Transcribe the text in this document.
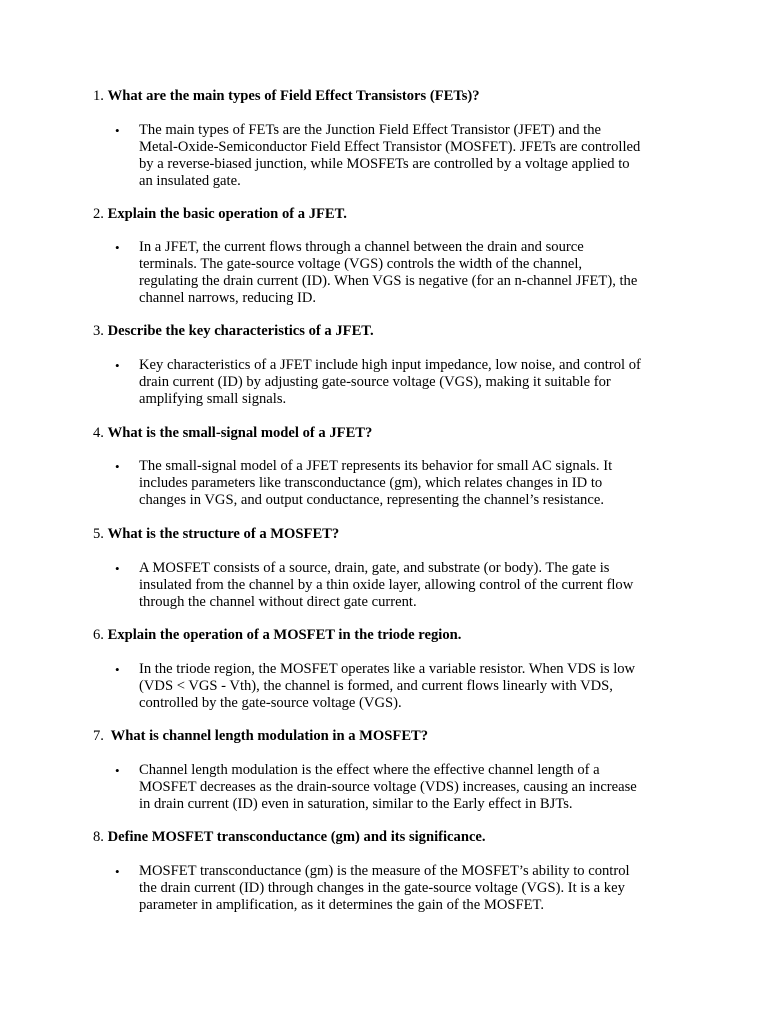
1. What are the main types of Field Effect Transistors (FETs)?
• The main types of FETs are the Junction Field Effect Transistor (JFET) and the
Metal-Oxide-Semiconductor Field Effect Transistor (MOSFET). JFETs are controlled
by a reverse-biased junction, while MOSFETs are controlled by a voltage applied to
an insulated gate.
2. Explain the basic operation of a JFET.
• In a JFET, the current flows through a channel between the drain and source
terminals. The gate-source voltage (VGS) controls the width of the channel,
regulating the drain current (ID). When VGS is negative (for an n-channel JFET), the
channel narrows, reducing ID.
3. Describe the key characteristics of a JFET.
• Key characteristics of a JFET include high input impedance, low noise, and control of
drain current (ID) by adjusting gate-source voltage (VGS), making it suitable for
amplifying small signals.
4. What is the small-signal model of a JFET?
• The small-signal model of a JFET represents its behavior for small AC signals. It
includes parameters like transconductance (gm), which relates changes in ID to
changes in VGS, and output conductance, representing the channel’s resistance.
5. What is the structure of a MOSFET?
• A MOSFET consists of a source, drain, gate, and substrate (or body). The gate is
insulated from the channel by a thin oxide layer, allowing control of the current flow
through the channel without direct gate current.
6. Explain the operation of a MOSFET in the triode region.
• In the triode region, the MOSFET operates like a variable resistor. When VDS is low
(VDS < VGS - Vth), the channel is formed, and current flows linearly with VDS,
controlled by the gate-source voltage (VGS).
7. What is channel length modulation in a MOSFET?
• Channel length modulation is the effect where the effective channel length of a
MOSFET decreases as the drain-source voltage (VDS) increases, causing an increase
in drain current (ID) even in saturation, similar to the Early effect in BJTs.
8. Define MOSFET transconductance (gm) and its significance.
• MOSFET transconductance (gm) is the measure of the MOSFET’s ability to control
the drain current (ID) through changes in the gate-source voltage (VGS). It is a key
parameter in amplification, as it determines the gain of the MOSFET.
